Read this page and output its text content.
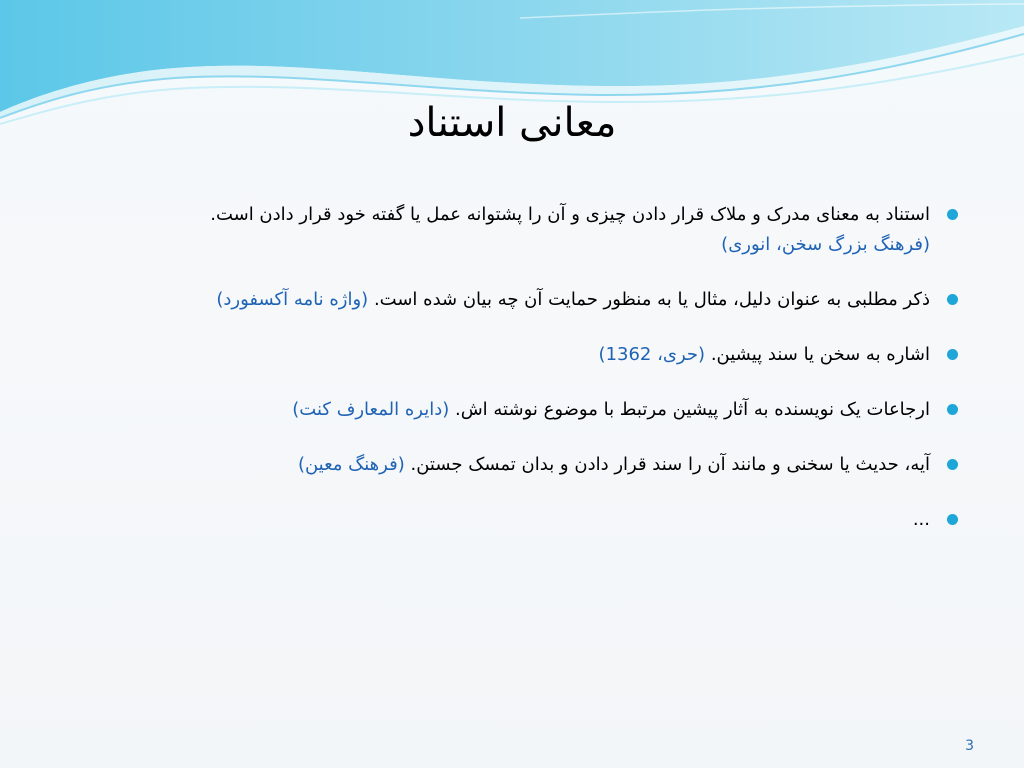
معانی استناد
استناد به معنای مدرک و ملاک قرار دادن چیزی و آن را پشتوانه عمل یا گفته خود قرار دادن است.
(فرهنگ بزرگ سخن، انوری)
ذکر مطلبی به عنوان دلیل، مثال یا به منظور حمایت آن چه بیان شده است. (واژه نامه آکسفورد)
اشاره به سخن یا سند پیشین. (حری، 1362)
ارجاعات یک نویسنده به آثار پیشین مرتبط با موضوع نوشته اش. (دایره المعارف کنت)
آیه، حدیث یا سخنی و مانند آن را سند قرار دادن و بدان تمسک جستن. (فرهنگ معین)
...
3
